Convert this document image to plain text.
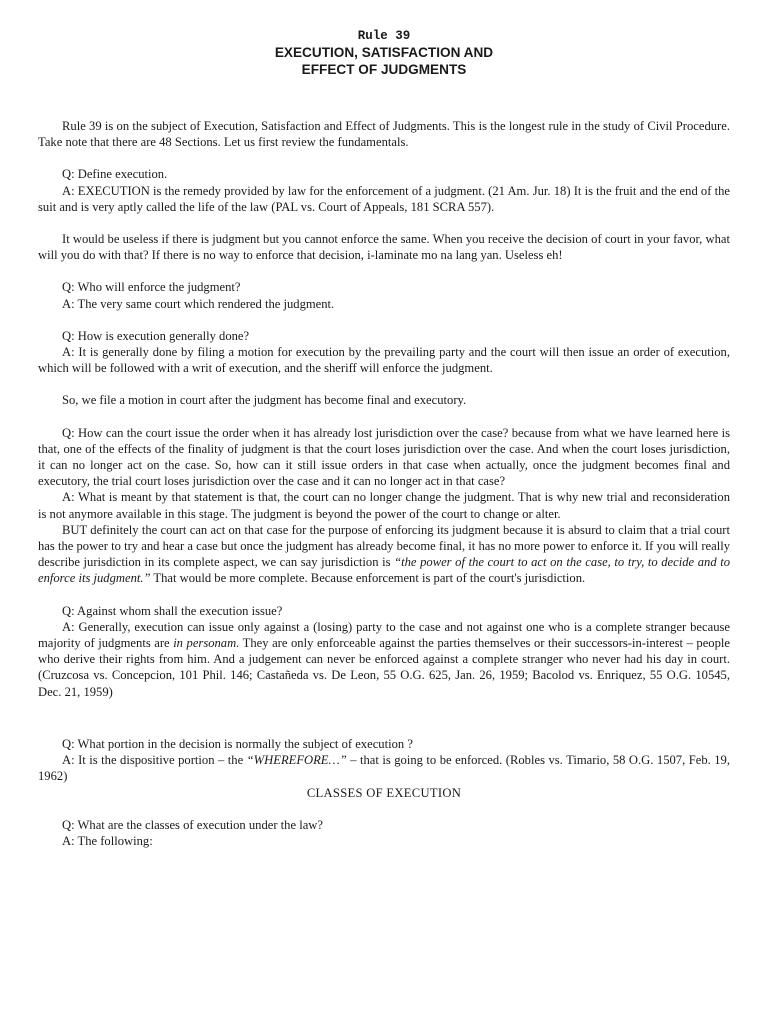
Rule 39

EXECUTION, SATISFACTION AND

EFFECT OF JUDGMENTS

Rule 39 is on the subject of Execution, Satisfaction and Effect of Judgments. This is the longest rule in the study of Civil Procedure. Take note that there are 48 Sections. Let us first review the fundamentals.

Q: Define execution.

A: EXECUTION is the remedy provided by law for the enforcement of a judgment. (21 Am. Jur. 18) It is the fruit and the end of the suit and is very aptly called the life of the law (PAL vs. Court of Appeals, 181 SCRA 557).

It would be useless if there is judgment but you cannot enforce the same. When you receive the decision of court in your favor, what will you do with that? If there is no way to enforce that decision, i-laminate mo na lang yan. Useless eh!

Q: Who will enforce the judgment?

A: The very same court which rendered the judgment.

Q: How is execution generally done?

A: It is generally done by filing a motion for execution by the prevailing party and the court will then issue an order of execution, which will be followed with a writ of execution, and the sheriff will enforce the judgment.

So, we file a motion in court after the judgment has become final and executory.

Q: How can the court issue the order when it has already lost jurisdiction over the case? because from what we have learned here is that, one of the effects of the finality of judgment is that the court loses jurisdiction over the case. And when the court loses jurisdiction, it can no longer act on the case. So, how can it still issue orders in that case when actually, once the judgment becomes final and executory, the trial court loses jurisdiction over the case and it can no longer act in that case?

A: What is meant by that statement is that, the court can no longer change the judgment. That is why new trial and reconsideration is not anymore available in this stage. The judgment is beyond the power of the court to change or alter.

BUT definitely the court can act on that case for the purpose of enforcing its judgment because it is absurd to claim that a trial court has the power to try and hear a case but once the judgment has already become final, it has no more power to enforce it. If you will really describe jurisdiction in its complete aspect, we can say jurisdiction is “the power of the court to act on the case, to try, to decide and to enforce its judgment.” That would be more complete. Because enforcement is part of the court's jurisdiction.

Q: Against whom shall the execution issue?

A: Generally, execution can issue only against a (losing) party to the case and not against one who is a complete stranger because majority of judgments are in personam. They are only enforceable against the parties themselves or their successors-in-interest – people who derive their rights from him. And a judgement can never be enforced against a complete stranger who never had his day in court. (Cruzcosa vs. Concepcion, 101 Phil. 146; Castañeda vs. De Leon, 55 O.G. 625, Jan. 26, 1959; Bacolod vs. Enriquez, 55 O.G. 10545, Dec. 21, 1959)

Q: What portion in the decision is normally the subject of execution ?

A: It is the dispositive portion – the “WHEREFORE…” – that is going to be enforced. (Robles vs. Timario, 58 O.G. 1507, Feb. 19, 1962)

CLASSES OF EXECUTION

Q: What are the classes of execution under the law?

A: The following:
